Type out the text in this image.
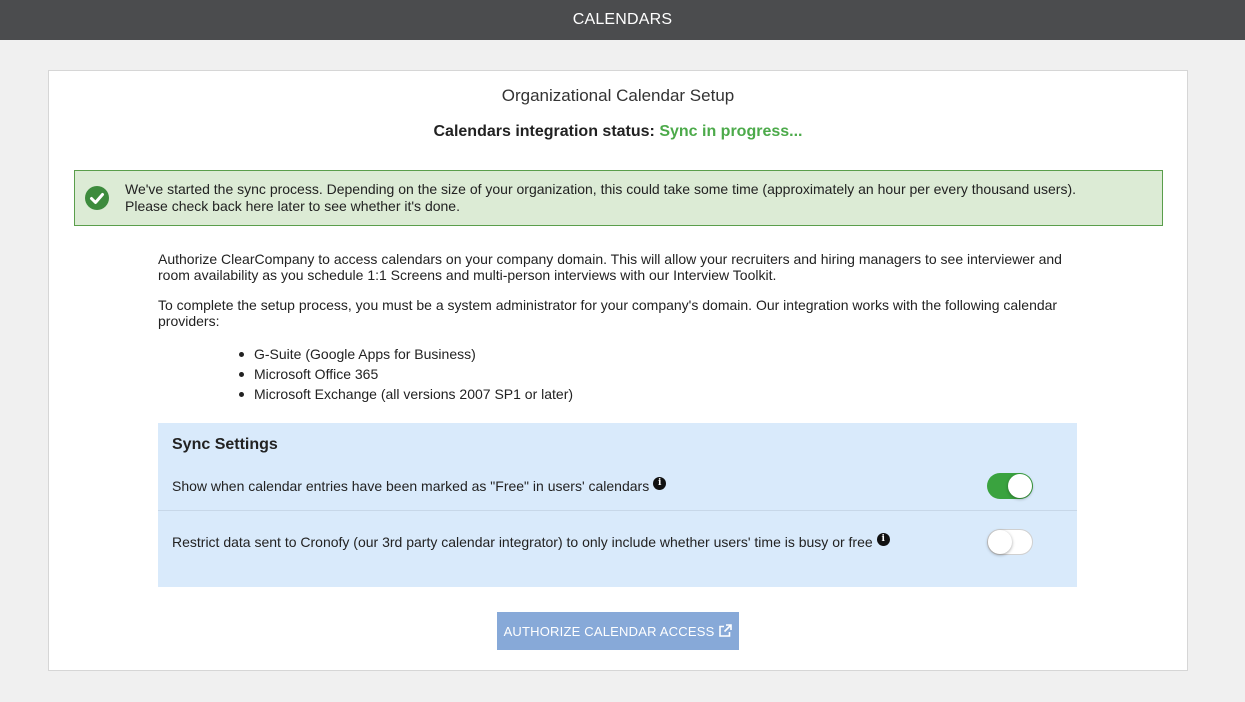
CALENDARS
Organizational Calendar Setup
Calendars integration status: Sync in progress...
We've started the sync process. Depending on the size of your organization, this could take some time (approximately an hour per every thousand users).
Please check back here later to see whether it's done.
Authorize ClearCompany to access calendars on your company domain. This will allow your recruiters and hiring managers to see interviewer and room availability as you schedule 1:1 Screens and multi-person interviews with our Interview Toolkit.
To complete the setup process, you must be a system administrator for your company's domain. Our integration works with the following calendar providers:
G-Suite (Google Apps for Business)
Microsoft Office 365
Microsoft Exchange (all versions 2007 SP1 or later)
Sync Settings
Show when calendar entries have been marked as "Free" in users' calendars i
Restrict data sent to Cronofy (our 3rd party calendar integrator) to only include whether users' time is busy or free i
AUTHORIZE CALENDAR ACCESS
